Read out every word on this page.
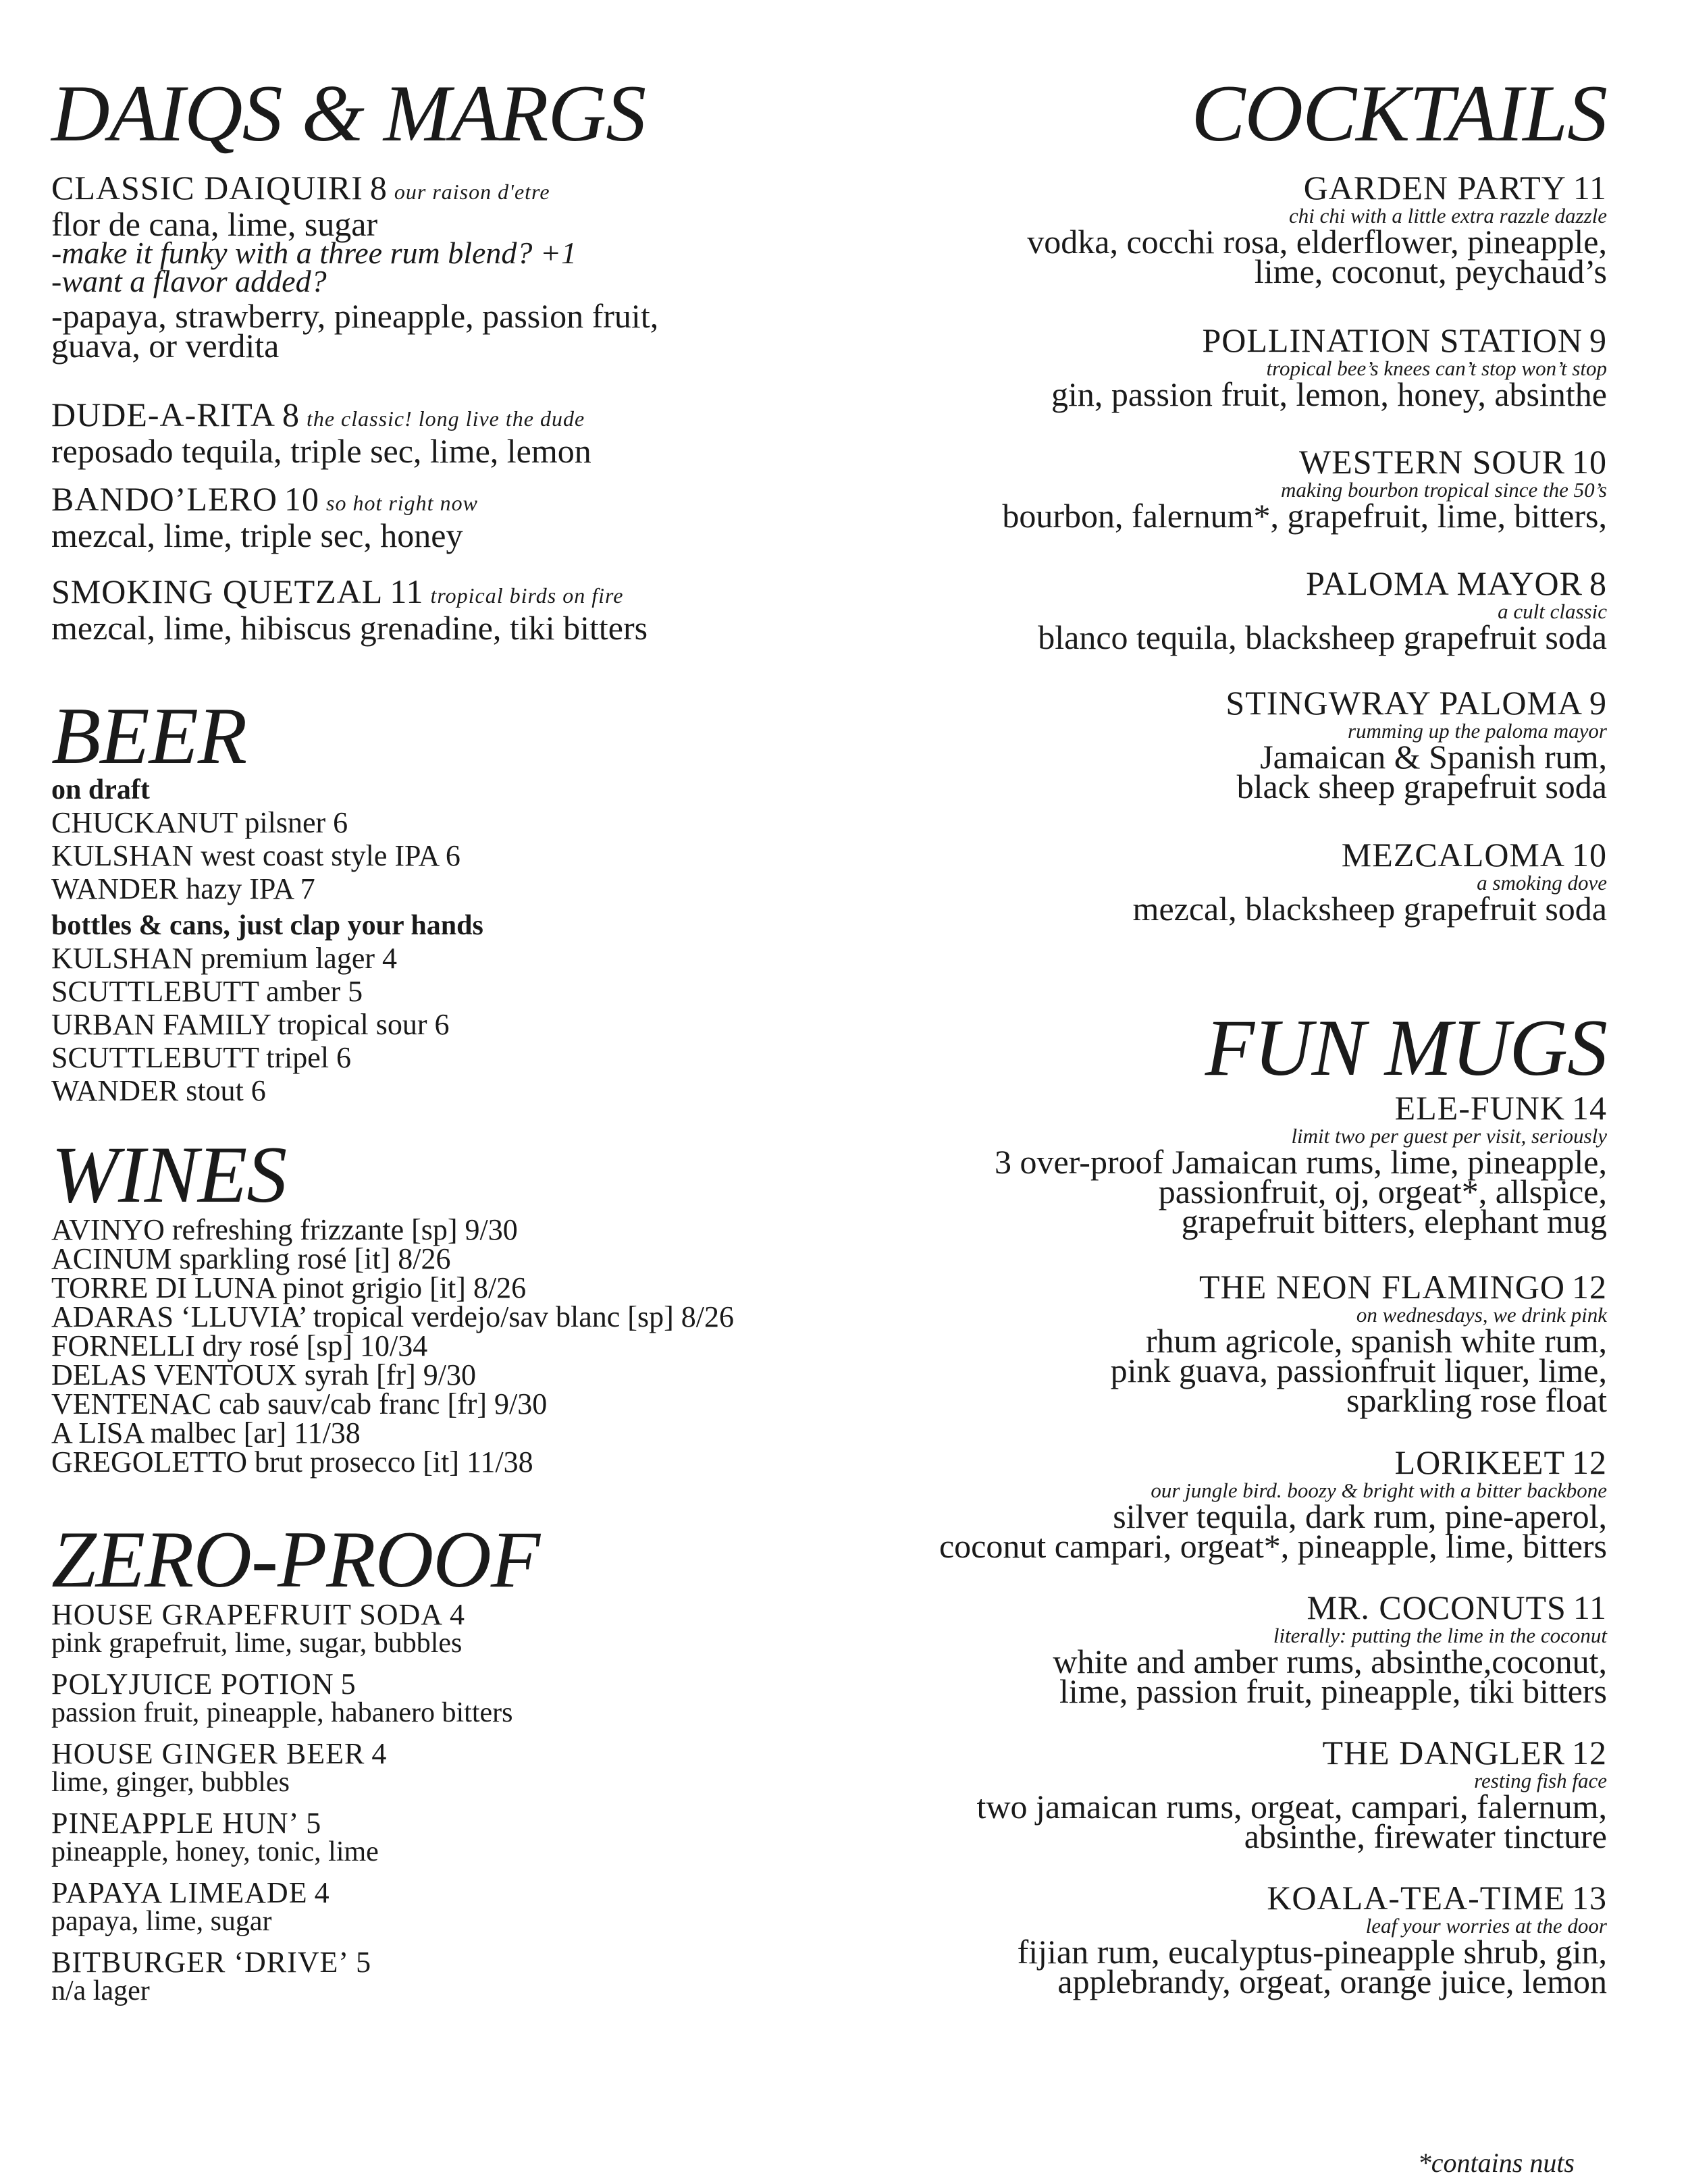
DAIQS & MARGS
CLASSIC DAIQUIRI 8 our raison d'etre
flor de cana, lime, sugar
-make it funky with a three rum blend? +1
-want a flavor added?
-papaya, strawberry, pineapple, passion fruit,
guava, or verdita
DUDE-A-RITA 8 the classic! long live the dude
reposado tequila, triple sec, lime, lemon
BANDO’LERO 10 so hot right now
mezcal, lime, triple sec, honey
SMOKING QUETZAL 11 tropical birds on fire
mezcal, lime, hibiscus grenadine, tiki bitters
BEER
on draft
CHUCKANUT pilsner 6
KULSHAN west coast style IPA 6
WANDER hazy IPA 7
bottles & cans, just clap your hands
KULSHAN premium lager 4
SCUTTLEBUTT amber 5
URBAN FAMILY tropical sour 6
SCUTTLEBUTT tripel 6
WANDER stout 6
WINES
AVINYO refreshing frizzante [sp] 9/30
ACINUM sparkling rosé [it] 8/26
TORRE DI LUNA pinot grigio [it] 8/26
ADARAS ‘LLUVIA’ tropical verdejo/sav blanc [sp] 8/26
FORNELLI dry rosé [sp] 10/34
DELAS VENTOUX syrah [fr] 9/30
VENTENAC cab sauv/cab franc [fr] 9/30
A LISA malbec [ar] 11/38
GREGOLETTO brut prosecco [it] 11/38
ZERO-PROOF
HOUSE GRAPEFRUIT SODA 4
pink grapefruit, lime, sugar, bubbles
POLYJUICE POTION 5
passion fruit, pineapple, habanero bitters
HOUSE GINGER BEER 4
lime, ginger, bubbles
PINEAPPLE HUN’ 5
pineapple, honey, tonic, lime
PAPAYA LIMEADE 4
papaya, lime, sugar
BITBURGER ‘DRIVE’ 5
n/a lager
COCKTAILS
GARDEN PARTY 11
chi chi with a little extra razzle dazzle
vodka, cocchi rosa, elderflower, pineapple,
lime, coconut, peychaud’s
POLLINATION STATION 9
tropical bee’s knees can’t stop won’t stop
gin, passion fruit, lemon, honey, absinthe
WESTERN SOUR 10
making bourbon tropical since the 50’s
bourbon, falernum*, grapefruit, lime, bitters,
PALOMA MAYOR 8
a cult classic
blanco tequila, blacksheep grapefruit soda
STINGWRAY PALOMA 9
rumming up the paloma mayor
Jamaican & Spanish rum,
black sheep grapefruit soda
MEZCALOMA 10
a smoking dove
mezcal, blacksheep grapefruit soda
FUN MUGS
ELE-FUNK 14
limit two per guest per visit, seriously
3 over-proof Jamaican rums, lime, pineapple,
passionfruit, oj, orgeat*, allspice,
grapefruit bitters, elephant mug
THE NEON FLAMINGO 12
on wednesdays, we drink pink
rhum agricole, spanish white rum,
pink guava, passionfruit liquer, lime,
sparkling rose float
LORIKEET 12
our jungle bird. boozy & bright with a bitter backbone
silver tequila, dark rum, pine-aperol,
coconut campari, orgeat*, pineapple, lime, bitters
MR. COCONUTS 11
literally: putting the lime in the coconut
white and amber rums, absinthe,coconut,
lime, passion fruit, pineapple, tiki bitters
THE DANGLER 12
resting fish face
two jamaican rums, orgeat, campari, falernum,
absinthe, firewater tincture
KOALA-TEA-TIME 13
leaf your worries at the door
fijian rum, eucalyptus-pineapple shrub, gin,
applebrandy, orgeat, orange juice, lemon
*contains nuts
